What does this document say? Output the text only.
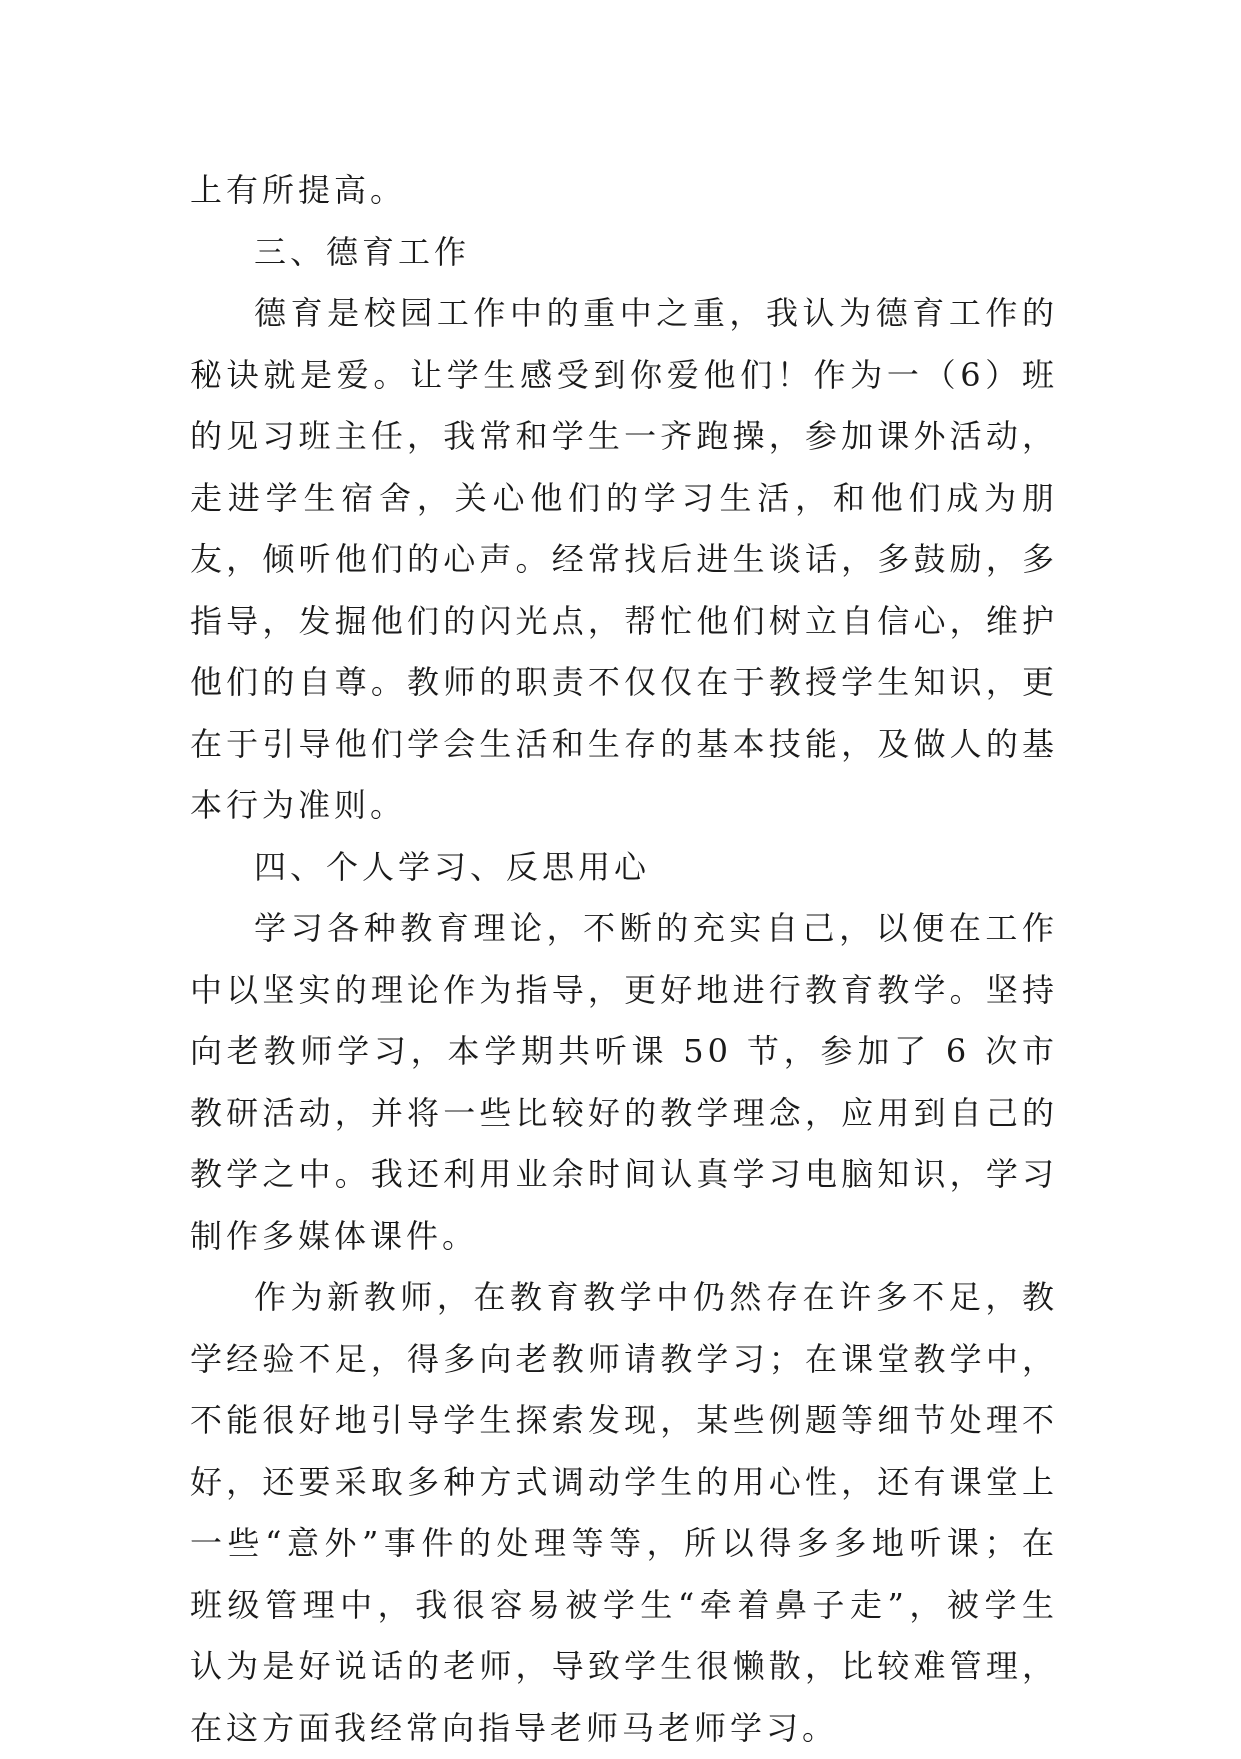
上有所提高。

三、德育工作

德育是校园工作中的重中之重，我认为德育工作的秘诀就是爱。让学生感受到你爱他们！作为一（6）班的见习班主任，我常和学生一齐跑操，参加课外活动，走进学生宿舍，关心他们的学习生活，和他们成为朋友，倾听他们的心声。经常找后进生谈话，多鼓励，多指导，发掘他们的闪光点，帮忙他们树立自信心，维护他们的自尊。教师的职责不仅仅在于教授学生知识，更在于引导他们学会生活和生存的基本技能，及做人的基本行为准则。

四、个人学习、反思用心

学习各种教育理论，不断的充实自己，以便在工作中以坚实的理论作为指导，更好地进行教育教学。坚持向老教师学习，本学期共听课 50 节，参加了 6 次市教研活动，并将一些比较好的教学理念，应用到自己的教学之中。我还利用业余时间认真学习电脑知识，学习制作多媒体课件。

作为新教师，在教育教学中仍然存在许多不足，教学经验不足，得多向老教师请教学习；在课堂教学中，不能很好地引导学生探索发现，某些例题等细节处理不好，还要采取多种方式调动学生的用心性，还有课堂上一些“意外”事件的处理等等，所以得多多地听课；在班级管理中，我很容易被学生“牵着鼻子走”，被学生认为是好说话的老师，导致学生很懒散，比较难管理，在这方面我经常向指导老师马老师学习。
